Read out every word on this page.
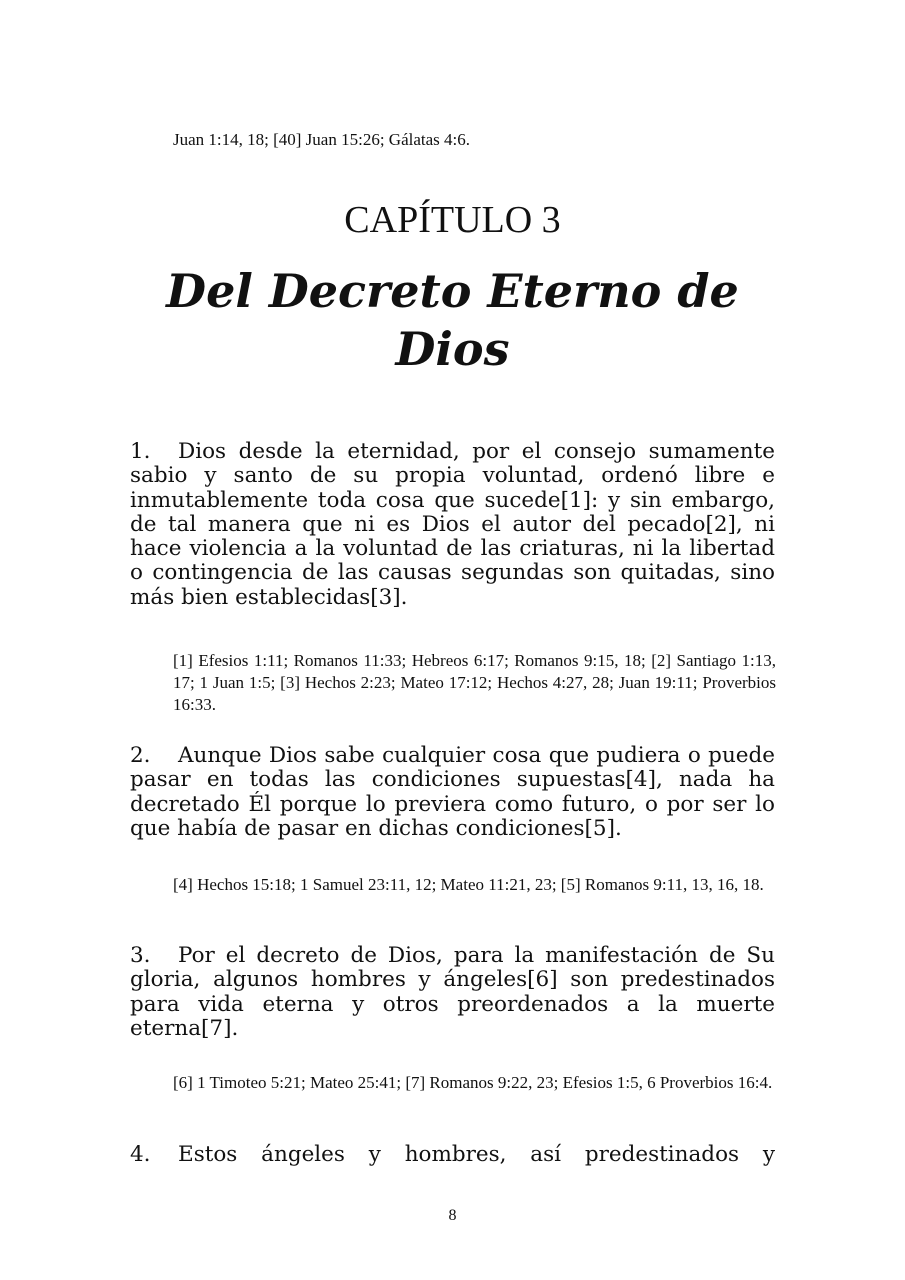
Juan 1:14, 18; [40] Juan 15:26; Gálatas 4:6.

CAPÍTULO 3
Del Decreto Eterno de Dios

1. Dios desde la eternidad, por el consejo sumamente sabio y santo de su propia voluntad, ordenó libre e inmutablemente toda cosa que sucede[1]: y sin embargo, de tal manera que ni es Dios el autor del pecado[2], ni hace violencia a la voluntad de las criaturas, ni la libertad o contingencia de las causas segundas son quitadas, sino más bien establecidas[3].

[1] Efesios 1:11; Romanos 11:33; Hebreos 6:17; Romanos 9:15, 18; [2] Santiago 1:13, 17; 1 Juan 1:5; [3] Hechos 2:23; Mateo 17:12; Hechos 4:27, 28; Juan 19:11; Proverbios 16:33.

2. Aunque Dios sabe cualquier cosa que pudiera o puede pasar en todas las condiciones supuestas[4], nada ha decretado Él porque lo previera como futuro, o por ser lo que había de pasar en dichas condiciones[5].

[4] Hechos 15:18; 1 Samuel 23:11, 12; Mateo 11:21, 23; [5] Romanos 9:11, 13, 16, 18.

3. Por el decreto de Dios, para la manifestación de Su gloria, algunos hombres y ángeles[6] son predestinados para vida eterna y otros preordenados a la muerte eterna[7].

[6] 1 Timoteo 5:21; Mateo 25:41; [7] Romanos 9:22, 23; Efesios 1:5, 6 Proverbios 16:4.

4. Estos ángeles y hombres, así predestinados y

8
